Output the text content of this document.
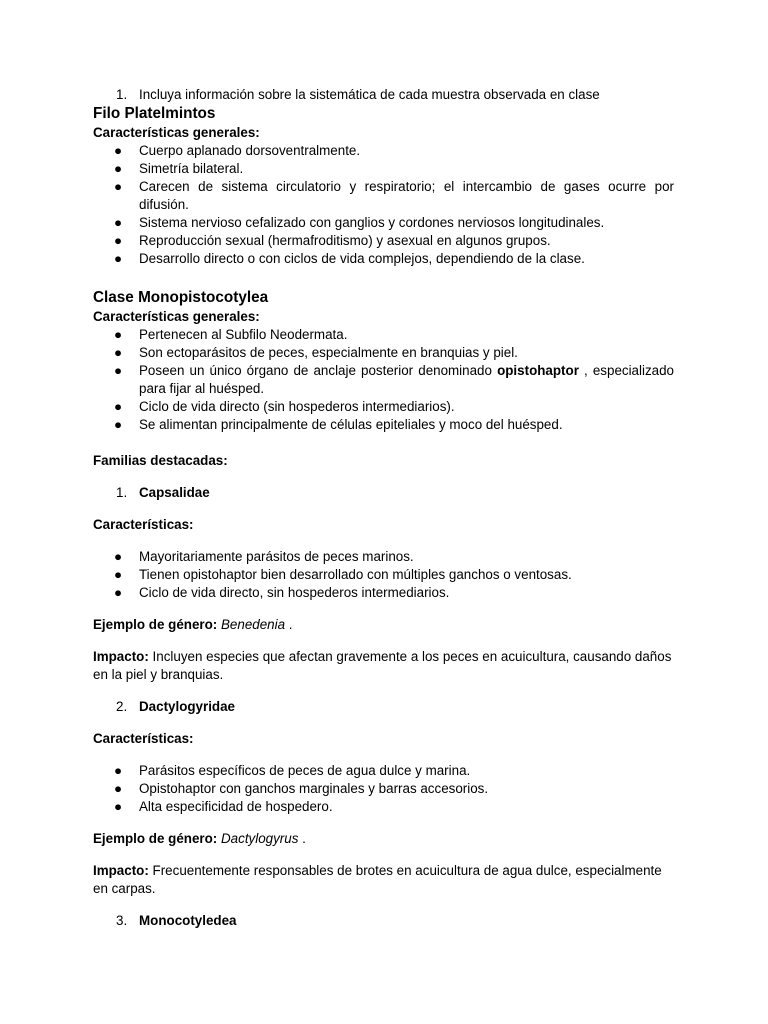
1. Incluya información sobre la sistemática de cada muestra observada en clase
Filo Platelmintos
Características generales:
● Cuerpo aplanado dorsoventralmente.
● Simetría bilateral.
● Carecen de sistema circulatorio y respiratorio; el intercambio de gases ocurre por difusión.
● Sistema nervioso cefalizado con ganglios y cordones nerviosos longitudinales.
● Reproducción sexual (hermafroditismo) y asexual en algunos grupos.
● Desarrollo directo o con ciclos de vida complejos, dependiendo de la clase.
Clase Monopistocotylea
Características generales:
● Pertenecen al Subfilo Neodermata.
● Son ectoparásitos de peces, especialmente en branquias y piel.
● Poseen un único órgano de anclaje posterior denominado opistohaptor , especializado para fijar al huésped.
● Ciclo de vida directo (sin hospederos intermediarios).
● Se alimentan principalmente de células epiteliales y moco del huésped.
Familias destacadas:
1. Capsalidae
Características:
● Mayoritariamente parásitos de peces marinos.
● Tienen opistohaptor bien desarrollado con múltiples ganchos o ventosas.
● Ciclo de vida directo, sin hospederos intermediarios.
Ejemplo de género: Benedenia .
Impacto: Incluyen especies que afectan gravemente a los peces en acuicultura, causando daños en la piel y branquias.
2. Dactylogyridae
Características:
● Parásitos específicos de peces de agua dulce y marina.
● Opistohaptor con ganchos marginales y barras accesorios.
● Alta especificidad de hospedero.
Ejemplo de género: Dactylogyrus .
Impacto: Frecuentemente responsables de brotes en acuicultura de agua dulce, especialmente en carpas.
3. Monocotyledea
